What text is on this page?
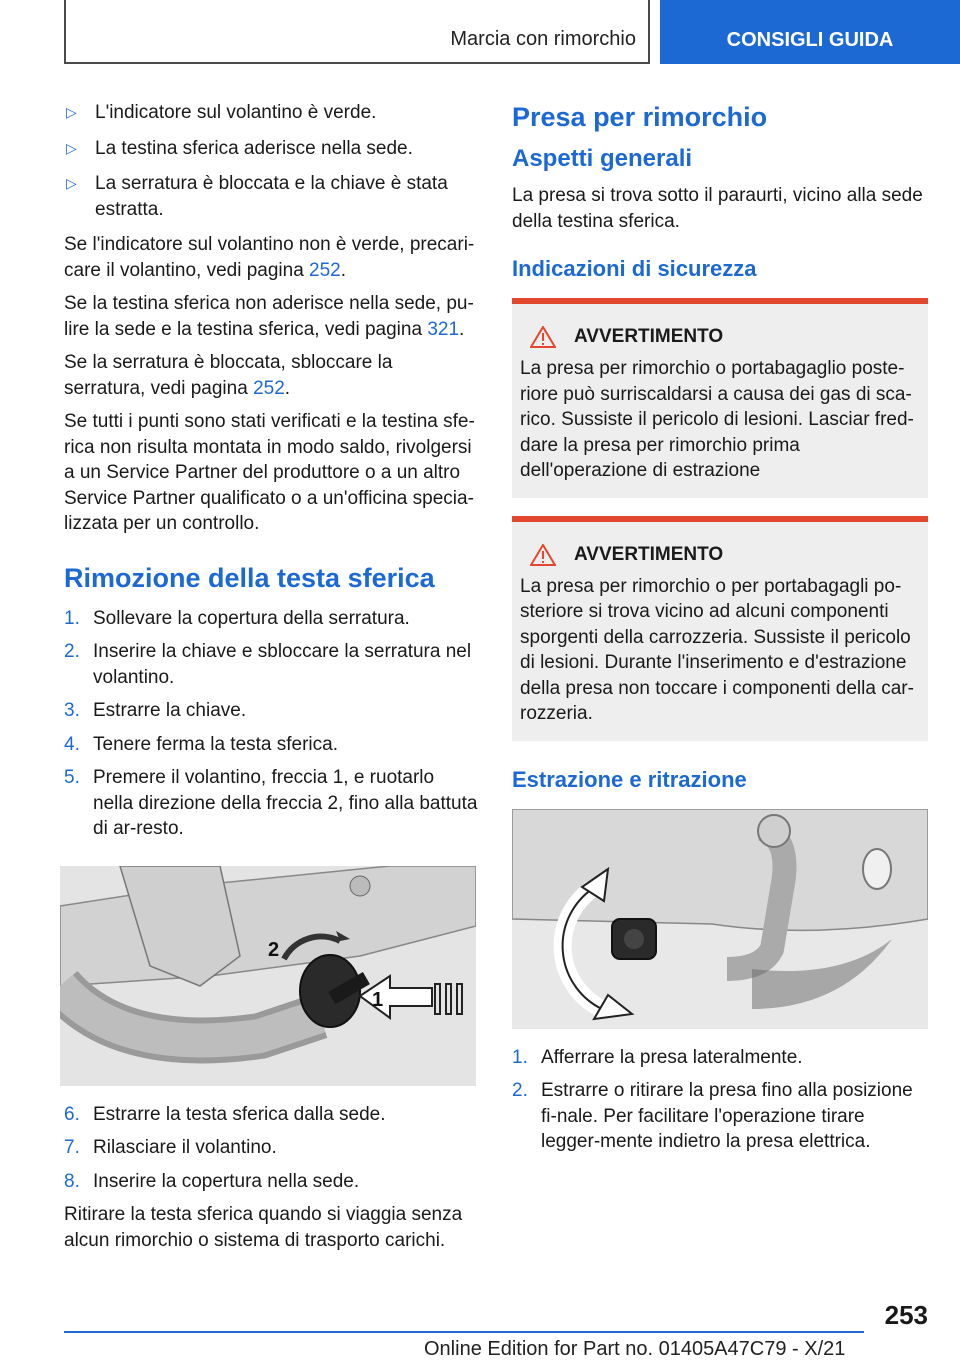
Marcia con rimorchio	CONSIGLI GUIDA
▷ L'indicatore sul volantino è verde.
▷ La testina sferica aderisce nella sede.
▷ La serratura è bloccata e la chiave è stata estratta.

Se l'indicatore sul volantino non è verde, precari-care il volantino, vedi pagina 252.

Se la testina sferica non aderisce nella sede, pu-lire la sede e la testina sferica, vedi pagina 321.

Se la serratura è bloccata, sbloccare la serratura, vedi pagina 252.

Se tutti i punti sono stati verificati e la testina sfe-rica non risulta montata in modo saldo, rivolgersi a un Service Partner del produttore o a un altro Service Partner qualificato o a un'officina specia-lizzata per un controllo.

Rimozione della testa sferica
1. Sollevare la copertura della serratura.
2. Inserire la chiave e sbloccare la serratura nel volantino.
3. Estrarre la chiave.
4. Tenere ferma la testa sferica.
5. Premere il volantino, freccia 1, e ruotarlo nella direzione della freccia 2, fino alla battuta di ar-resto.
2
1
6. Estrarre la testa sferica dalla sede.
7. Rilasciare il volantino.
8. Inserire la copertura nella sede.

Ritirare la testa sferica quando si viaggia senza alcun rimorchio o sistema di trasporto carichi.

Presa per rimorchio
Aspetti generali

La presa si trova sotto il paraurti, vicino alla sede della testina sferica.

Indicazioni di sicurezza
AVVERTIMENTO
La presa per rimorchio o portabagaglio poste-riore può surriscaldarsi a causa dei gas di sca-rico. Sussiste il pericolo di lesioni. Lasciar fred-dare la presa per rimorchio prima dell'operazione di estrazione
AVVERTIMENTO
La presa per rimorchio o per portabagagli po-steriore si trova vicino ad alcuni componenti sporgenti della carrozzeria. Sussiste il pericolo di lesioni. Durante l'inserimento e d'estrazione della presa non toccare i componenti della car-rozzeria.
Estrazione e ritrazione
1. Afferrare la presa lateralmente.
2. Estrarre o ritirare la presa fino alla posizione fi-nale. Per facilitare l'operazione tirare legger-mente indietro la presa elettrica.
253
Online Edition for Part no. 01405A47C79 - X/21
